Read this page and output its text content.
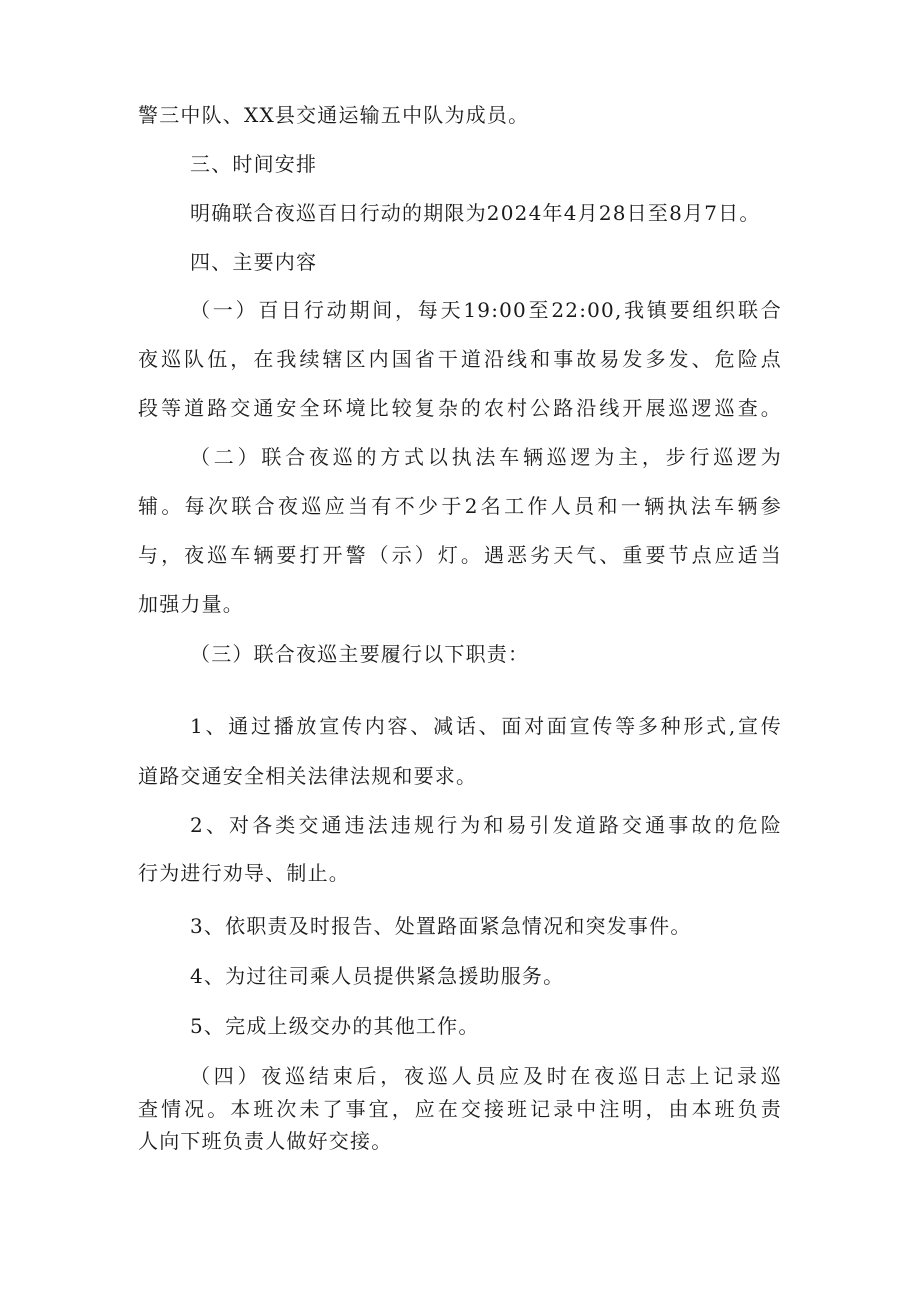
警三中队、XX县交通运输五中队为成员。
三、时间安排
明确联合夜巡百日行动的期限为2024年4月28日至8月7日。
四、主要内容
（一）百日行动期间，每天19:00至22:00,我镇要组织联合
夜巡队伍，在我续辖区内国省干道沿线和事故易发多发、危险点
段等道路交通安全环境比较复杂的农村公路沿线开展巡逻巡查。
（二）联合夜巡的方式以执法车辆巡逻为主，步行巡逻为
辅。每次联合夜巡应当有不少于2名工作人员和一辆执法车辆参
与，夜巡车辆要打开警（示）灯。遇恶劣天气、重要节点应适当
加强力量。
（三）联合夜巡主要履行以下职责：
1、通过播放宣传内容、减话、面对面宣传等多种形式,宣传
道路交通安全相关法律法规和要求。
2、对各类交通违法违规行为和易引发道路交通事故的危险
行为进行劝导、制止。
3、依职责及时报告、处置路面紧急情况和突发事件。
4、为过往司乘人员提供紧急援助服务。
5、完成上级交办的其他工作。
（四）夜巡结束后，夜巡人员应及时在夜巡日志上记录巡
查情况。本班次未了事宜，应在交接班记录中注明，由本班负责
人向下班负责人做好交接。
